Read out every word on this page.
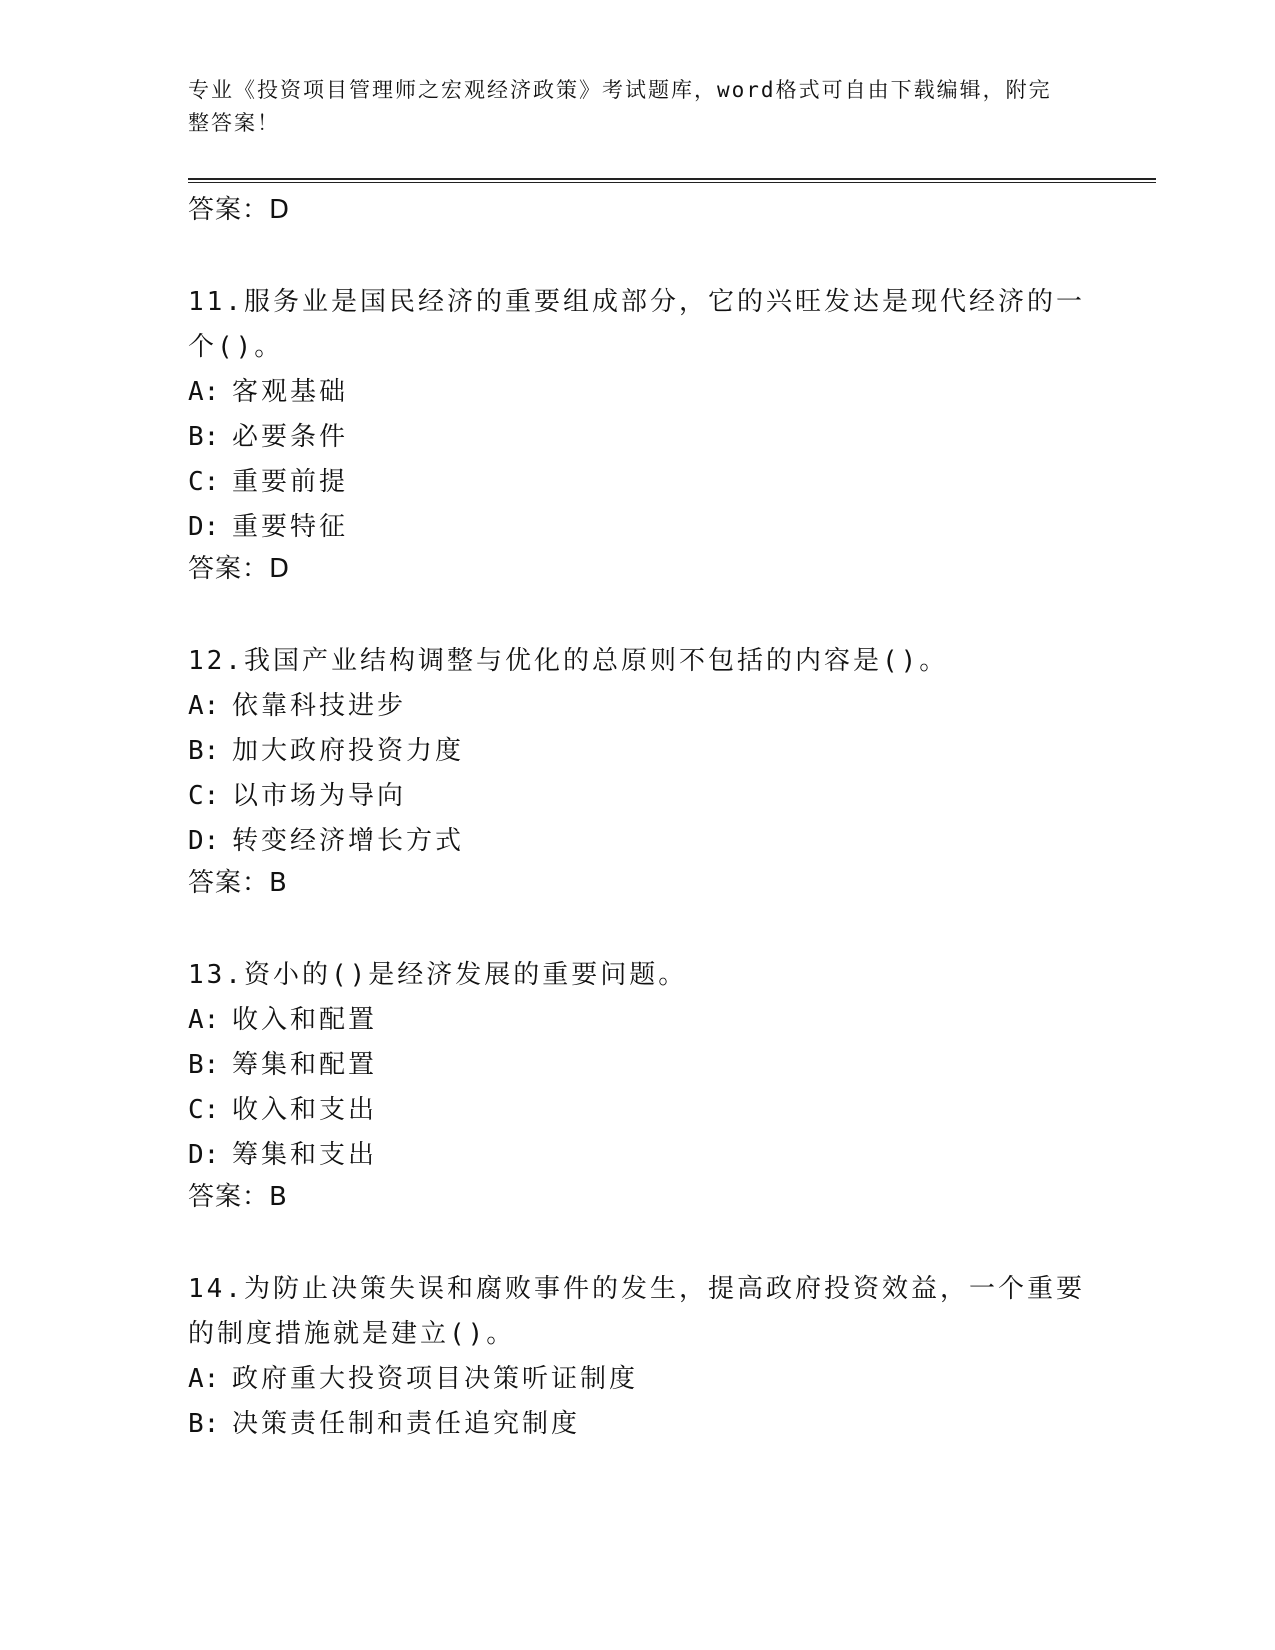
专业《投资项目管理师之宏观经济政策》考试题库，word格式可自由下载编辑，附完整答案！

答案：D

11.服务业是国民经济的重要组成部分，它的兴旺发达是现代经济的一个()。

A: 客观基础

B: 必要条件

C: 重要前提

D: 重要特征

答案：D

12.我国产业结构调整与优化的总原则不包括的内容是()。

A: 依靠科技进步

B: 加大政府投资力度

C: 以市场为导向

D: 转变经济增长方式

答案：B

13.资小的()是经济发展的重要问题。

A: 收入和配置

B: 筹集和配置

C: 收入和支出

D: 筹集和支出

答案：B

14.为防止决策失误和腐败事件的发生，提高政府投资效益，一个重要的制度措施就是建立()。

A: 政府重大投资项目决策听证制度

B: 决策责任制和责任追究制度
